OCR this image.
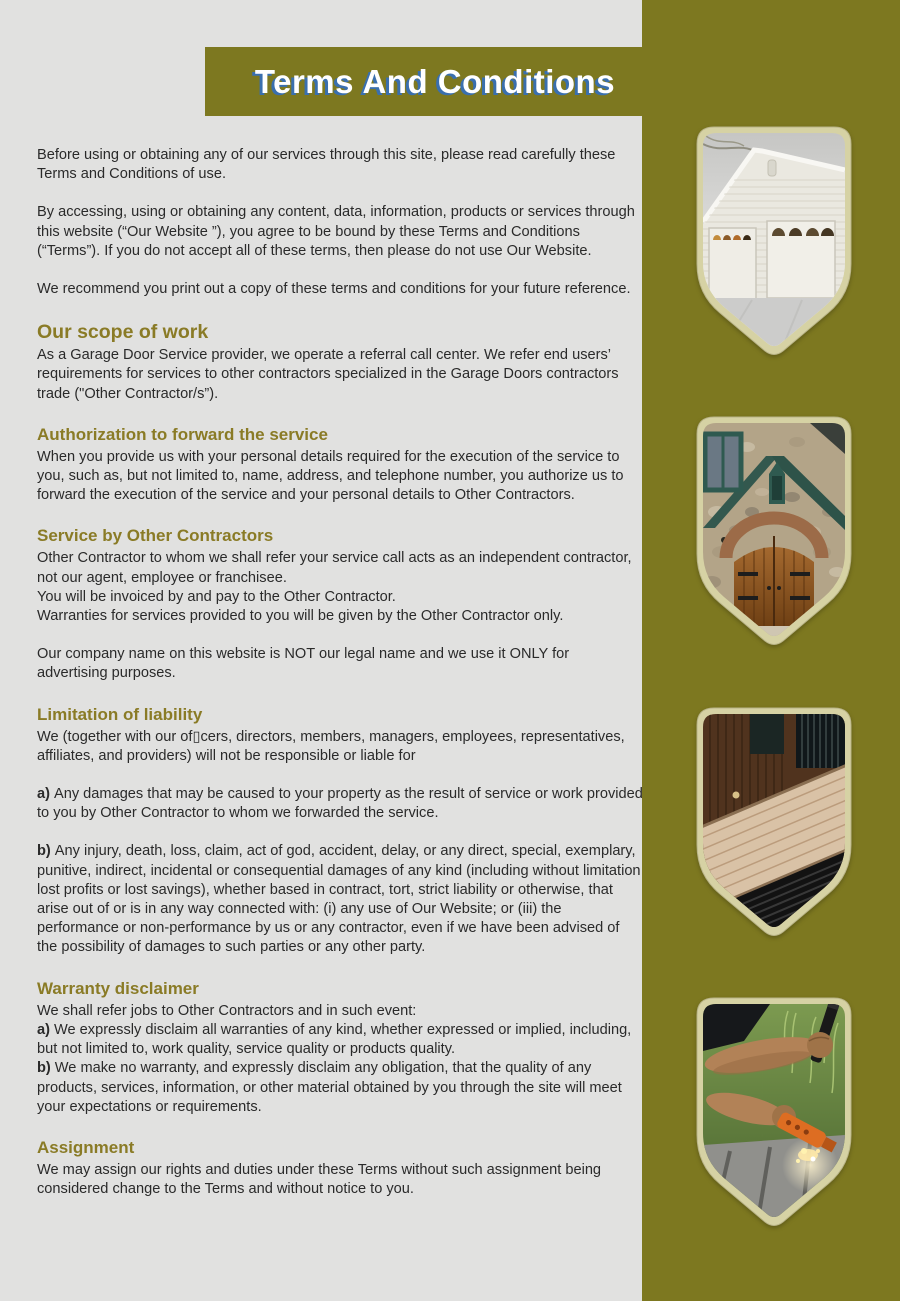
Terms And Conditions

Before using or obtaining any of our services through this site, please read carefully these Terms and Conditions of use.

By accessing, using or obtaining any content, data, information, products or services through this website (“Our Website ”), you agree to be bound by these Terms and Conditions (“Terms”). If you do not accept all of these terms, then please do not use Our Website.

We recommend you print out a copy of these terms and conditions for your future reference.

Our scope of work

As a Garage Door Service provider, we operate a referral call center. We refer end users’ requirements for services to other contractors specialized in the Garage Doors contractors trade ("Other Contractor/s”).

Authorization to forward the service

When you provide us with your personal details required for the execution of the service to you, such as, but not limited to, name, address, and telephone number, you authorize us to forward the execution of the service and your personal details to Other Contractors.

Service by Other Contractors
Other Contractor to whom we shall refer your service call acts as an independent contractor, not our agent, employee or franchisee.
You will be invoiced by and pay to the Other Contractor.
Warranties for services provided to you will be given by the Other Contractor only.

Our company name on this website is NOT our legal name and we use it ONLY for advertising purposes.

Limitation of liability

We (together with our of▯cers, directors, members, managers, employees, representatives, affiliates, and providers) will not be responsible or liable for

a) Any damages that may be caused to your property as the result of service or work provided to you by Other Contractor to whom we forwarded the service.

b) Any injury, death, loss, claim, act of god, accident, delay, or any direct, special, exemplary, punitive, indirect, incidental or consequential damages of any kind (including without limitation lost profits or lost savings), whether based in contract, tort, strict liability or otherwise, that arise out of or is in any way connected with: (i) any use of Our Website; or (iii) the performance or non-performance by us or any contractor, even if we have been advised of the possibility of damages to such parties or any other party.

Warranty disclaimer
We shall refer jobs to Other Contractors and in such event:
a) We expressly disclaim all warranties of any kind, whether expressed or implied, including, but not limited to, work quality, service quality or products quality.
b) We make no warranty, and expressly disclaim any obligation, that the quality of any products, services, information, or other material obtained by you through the site will meet your expectations or requirements.
Assignment

We may assign our rights and duties under these Terms without such assignment being considered change to the Terms and without notice to you.
